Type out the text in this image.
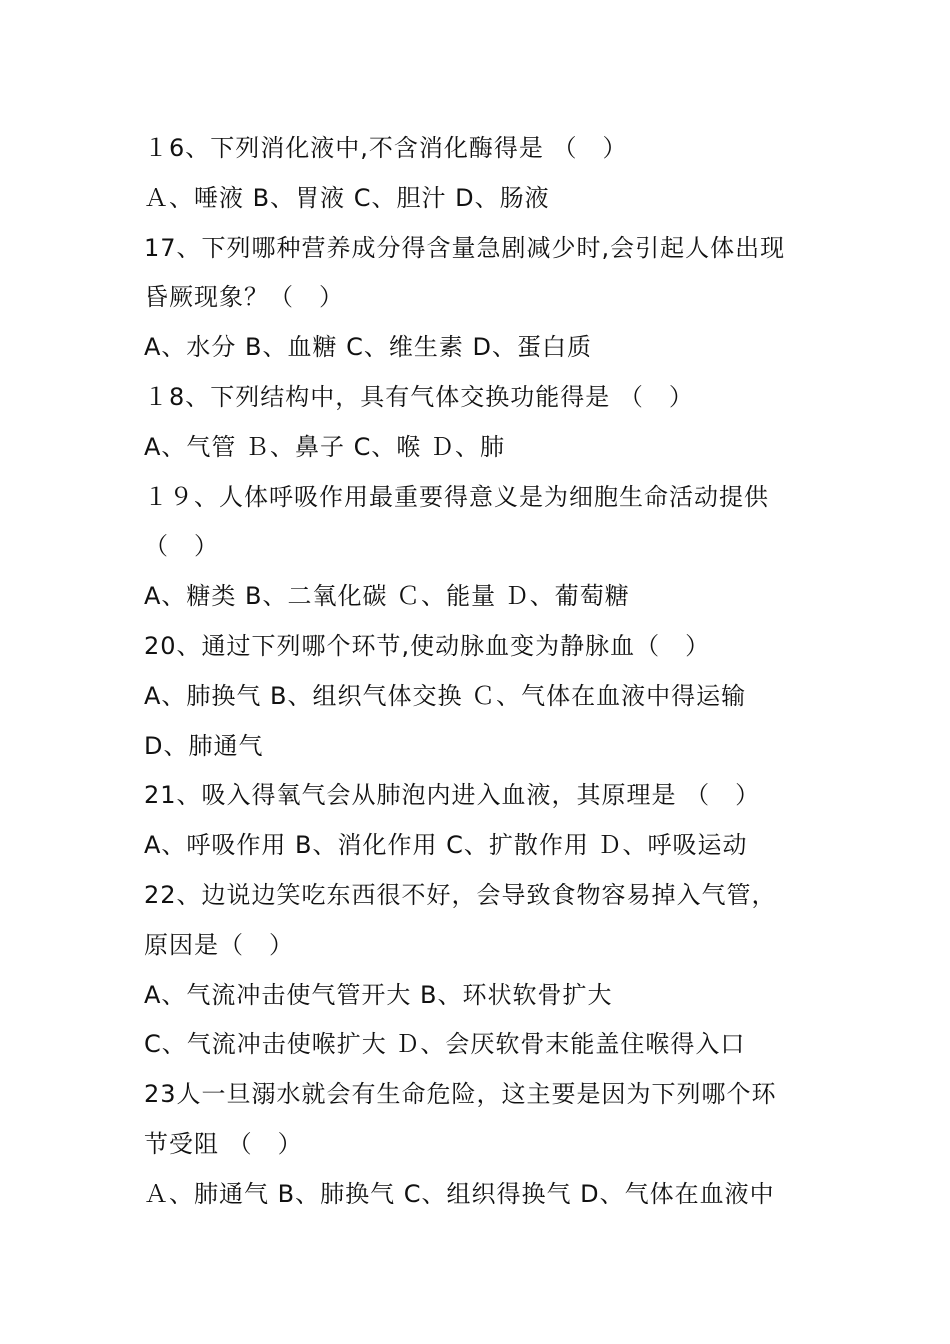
１6、下列消化液中,不含消化酶得是 （　）
Ａ、唾液 B、胃液 C、胆汁 D、肠液
17、下列哪种营养成分得含量急剧减少时,会引起人体出现
昏厥现象？（　）
A、水分 B、血糖 C、维生素 D、蛋白质
１8、下列结构中，具有气体交换功能得是 （　）
A、气管 Ｂ、鼻子 C、喉 Ｄ、肺
１９、人体呼吸作用最重要得意义是为细胞生命活动提供
（　）
A、糖类 B、二氧化碳 Ｃ、能量 Ｄ、葡萄糖
20、通过下列哪个环节,使动脉血变为静脉血（　）
A、肺换气 B、组织气体交换 Ｃ、气体在血液中得运输
D、肺通气
21、吸入得氧气会从肺泡内进入血液，其原理是 （　）
A、呼吸作用 B、消化作用 C、扩散作用 Ｄ、呼吸运动
22、边说边笑吃东西很不好，会导致食物容易掉入气管，
原因是（　）
A、气流冲击使气管开大 B、环状软骨扩大
C、气流冲击使喉扩大 Ｄ、会厌软骨末能盖住喉得入口
23人一旦溺水就会有生命危险，这主要是因为下列哪个环
节受阻 （　）
Ａ、肺通气 B、肺换气 C、组织得换气 D、气体在血液中
